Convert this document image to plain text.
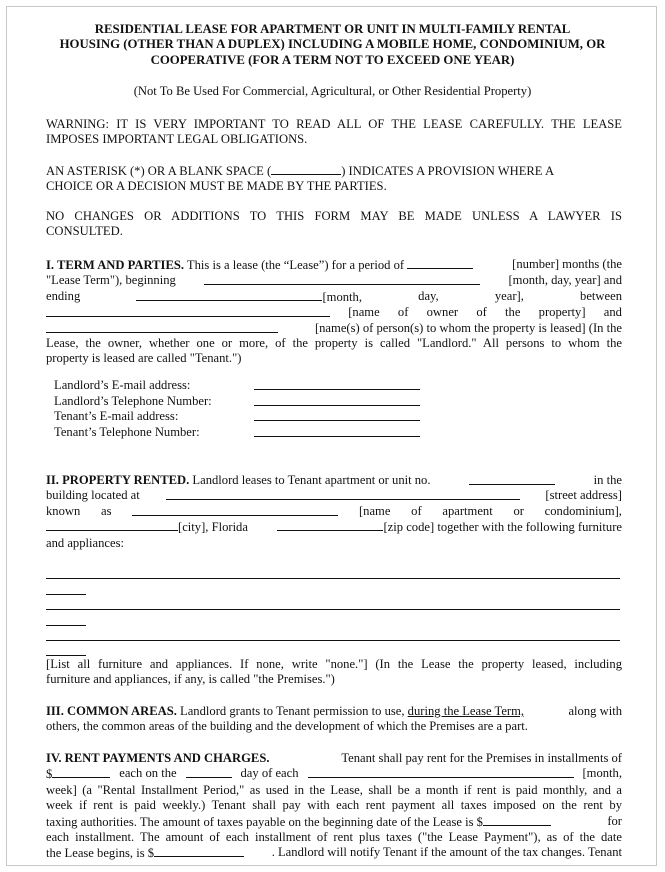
RESIDENTIAL LEASE FOR APARTMENT OR UNIT IN MULTI-FAMILY RENTAL
HOUSING (OTHER THAN A DUPLEX) INCLUDING A MOBILE HOME, CONDOMINIUM, OR
COOPERATIVE (FOR A TERM NOT TO EXCEED ONE YEAR)
(Not To Be Used For Commercial, Agricultural, or Other Residential Property)
WARNING: IT IS VERY IMPORTANT TO READ ALL OF THE LEASE CAREFULLY. THE LEASE
IMPOSES IMPORTANT LEGAL OBLIGATIONS.
AN ASTERISK (*) OR A BLANK SPACE (	) INDICATES A PROVISION WHERE A
CHOICE OR A DECISION MUST BE MADE BY THE PARTIES.
NO CHANGES OR ADDITIONS TO THIS FORM MAY BE MADE UNLESS A LAWYER IS
CONSULTED.
I. TERM AND PARTIES. This is a lease (the “Lease”) for a period of	[number] months (the
"Lease Term"), beginning	[month, day, year] and
ending	[month,	day,	year],	between
[name of owner of the property] and
[name(s) of person(s) to whom the property is leased] (In the
Lease, the owner, whether one or more, of the property is called "Landlord." All persons to whom the
property is leased are called "Tenant.")
Landlord’s E-mail address:
Landlord’s Telephone Number:
Tenant’s E-mail address:
Tenant’s Telephone Number:
II. PROPERTY RENTED. Landlord leases to Tenant apartment or unit no.	in the
building located at	[street address]
known as	[name of apartment or condominium],
[city], Florida	[zip code] together with the following furniture
and appliances:
[List all furniture and appliances. If none, write "none."] (In the Lease the property leased, including
furniture and appliances, if any, is called "the Premises.")
III. COMMON AREAS. Landlord grants to Tenant permission to use, during the Lease Term,	along with
others, the common areas of the building and the development of which the Premises are a part.
IV. RENT PAYMENTS AND CHARGES.	Tenant shall pay rent for the Premises in installments of
$	each on the	day of each	[month,
week] (a "Rental Installment Period," as used in the Lease, shall be a month if rent is paid monthly, and a
week if rent is paid weekly.) Tenant shall pay with each rent payment all taxes imposed on the rent by
taxing authorities. The amount of taxes payable on the beginning date of the Lease is $	for
each installment. The amount of each installment of rent plus taxes ("the Lease Payment"), as of the date
the Lease begins, is $	. Landlord will notify Tenant if the amount of the tax changes. Tenant
